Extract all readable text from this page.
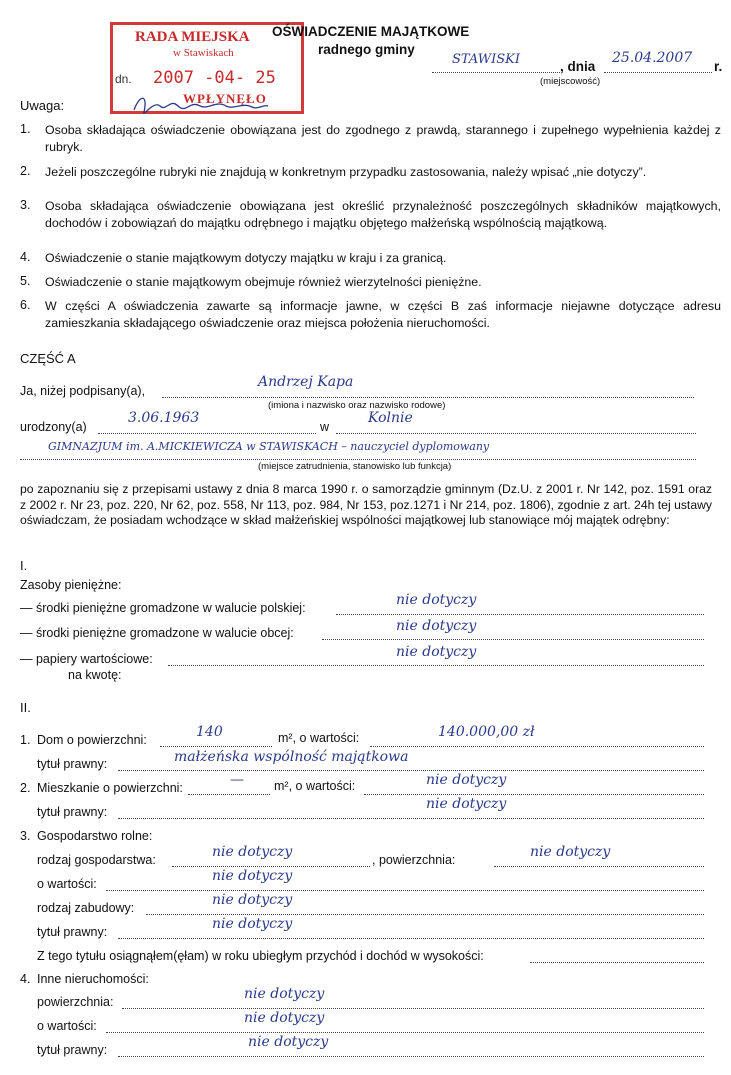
RADA MIEJSKA
w Stawiskach
2007 -04- 25
WPŁYNĘŁO
dn.
OŚWIADCZENIE MAJĄTKOWE
radnego gminy
STAWISKI	, dnia
25.04.2007
r.
(miejscowość)
Uwaga:
1. Osoba składająca oświadczenie obowiązana jest do zgodnego z prawdą, starannego i zupełnego wypełnienia każdej z rubryk.
2. Jeżeli poszczególne rubryki nie znajdują w konkretnym przypadku zastosowania, należy wpisać „nie dotyczy”.
3. Osoba składająca oświadczenie obowiązana jest określić przynależność poszczególnych składników majątkowych, dochodów i zobowiązań do majątku odrębnego i majątku objętego małżeńską wspólnością majątkową.
4. Oświadczenie o stanie majątkowym dotyczy majątku w kraju i za granicą.
5. Oświadczenie o stanie majątkowym obejmuje również wierzytelności pieniężne.
6. W części A oświadczenia zawarte są informacje jawne, w części B zaś informacje niejawne dotyczące adresu zamieszkania składającego oświadczenie oraz miejsca położenia nieruchomości.
CZĘŚĆ A
Ja, niżej podpisany(a),
Andrzej Kapa
(imiona i nazwisko oraz nazwisko rodowe)
urodzony(a)
3.06.1963
w
Kolnie
GIMNAZJUM im. A.MICKIEWICZA w STAWISKACH – nauczyciel dyplomowany
(miejsce zatrudnienia, stanowisko lub funkcja)
po zapoznaniu się z przepisami ustawy z dnia 8 marca 1990 r. o samorządzie gminnym (Dz.U. z 2001 r. Nr 142, poz. 1591 oraz z 2002 r. Nr 23, poz. 220, Nr 62, poz. 558, Nr 113, poz. 984, Nr 153, poz.1271 i Nr 214, poz. 1806), zgodnie z art. 24h tej ustawy oświadczam, że posiadam wchodzące w skład małżeńskiej wspólności majątkowej lub stanowiące mój majątek odrębny:
I.
Zasoby pieniężne:
— środki pieniężne gromadzone w walucie polskiej:	nie dotyczy
— środki pieniężne gromadzone w walucie obcej:	nie dotyczy
— papiery wartościowe:	nie dotyczy
na kwotę:
II.
1. Dom o powierzchni:	140	m², o wartości:	140.000,00 zł
tytuł prawny:	małżeńska wspólność majątkowa
2. Mieszkanie o powierzchni:	— m², o wartości:	nie dotyczy
tytuł prawny:	nie dotyczy
3. Gospodarstwo rolne:
rodzaj gospodarstwa:	nie dotyczy	, powierzchnia:	nie dotyczy
o wartości:	nie dotyczy
rodzaj zabudowy:	nie dotyczy
tytuł prawny:	nie dotyczy
Z tego tytułu osiągnąłem(ęłam) w roku ubiegłym przychód i dochód w wysokości:
4. Inne nieruchomości:
powierzchnia:	nie dotyczy
o wartości:	nie dotyczy
tytuł prawny:	nie dotyczy
